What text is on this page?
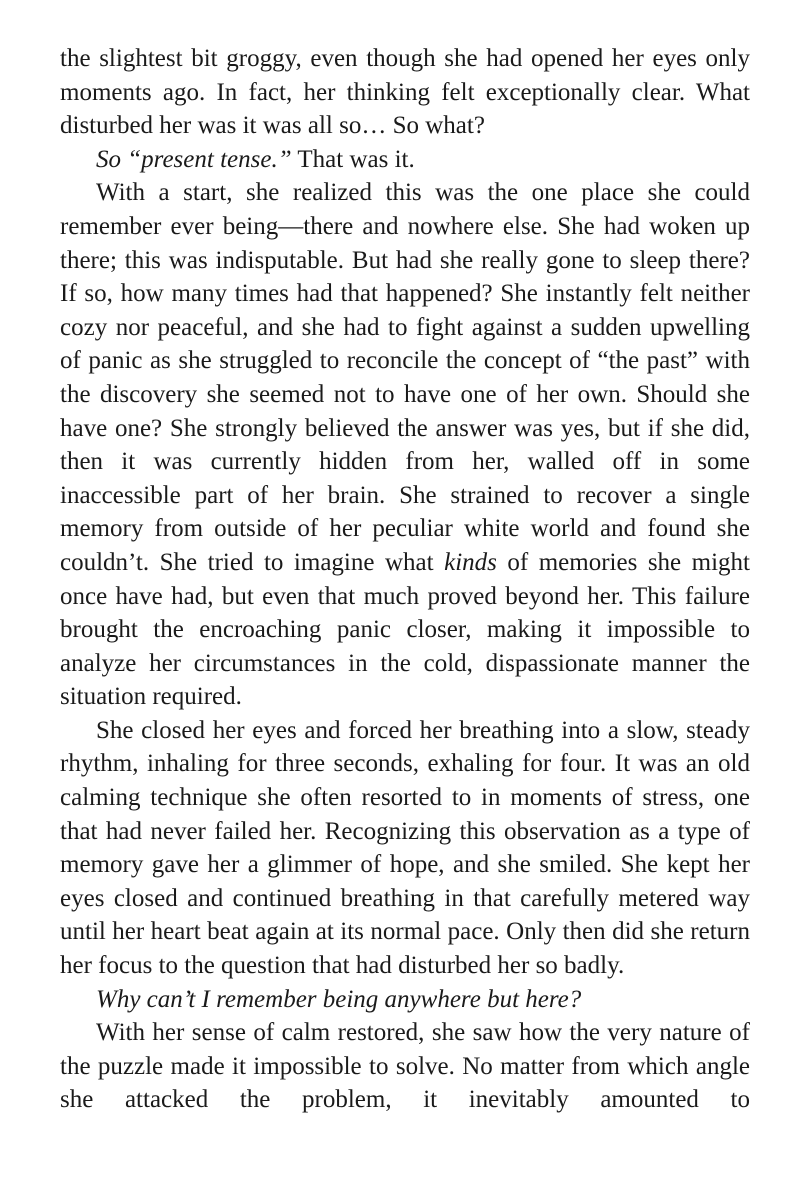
the slightest bit groggy, even though she had opened her eyes only moments ago. In fact, her thinking felt exceptionally clear. What disturbed her was it was all so… So what?

So “present tense.” That was it.

With a start, she realized this was the one place she could remember ever being—there and nowhere else. She had woken up there; this was indisputable. But had she really gone to sleep there? If so, how many times had that happened? She instantly felt neither cozy nor peaceful, and she had to fight against a sudden upwelling of panic as she struggled to reconcile the concept of “the past” with the discovery she seemed not to have one of her own. Should she have one? She strongly believed the answer was yes, but if she did, then it was currently hidden from her, walled off in some inaccessible part of her brain. She strained to recover a single memory from outside of her peculiar white world and found she couldn’t. She tried to imagine what kinds of memories she might once have had, but even that much proved beyond her. This failure brought the encroaching panic closer, making it impossible to analyze her circumstances in the cold, dispassionate manner the situation required.

She closed her eyes and forced her breathing into a slow, steady rhythm, inhaling for three seconds, exhaling for four. It was an old calming technique she often resorted to in moments of stress, one that had never failed her. Recognizing this observation as a type of memory gave her a glimmer of hope, and she smiled. She kept her eyes closed and continued breathing in that carefully metered way until her heart beat again at its normal pace. Only then did she return her focus to the question that had disturbed her so badly.

Why can’t I remember being anywhere but here?

With her sense of calm restored, she saw how the very nature of the puzzle made it impossible to solve. No matter from which angle she attacked the problem, it inevitably amounted to
